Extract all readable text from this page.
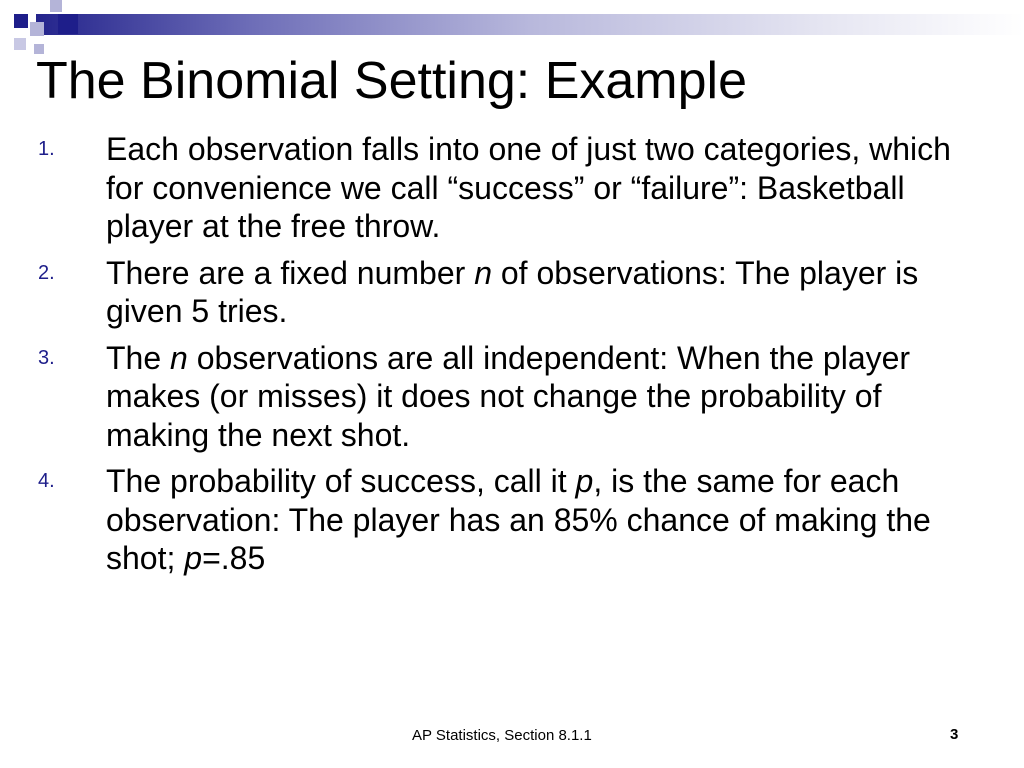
The Binomial Setting: Example
1. Each observation falls into one of just two categories, which for convenience we call “success” or “failure”: Basketball player at the free throw.
2. There are a fixed number n of observations: The player is given 5 tries.
3. The n observations are all independent: When the player makes (or misses) it does not change the probability of making the next shot.
4. The probability of success, call it p, is the same for each observation: The player has an 85% chance of making the shot; p=.85
AP Statistics, Section 8.1.1	3
